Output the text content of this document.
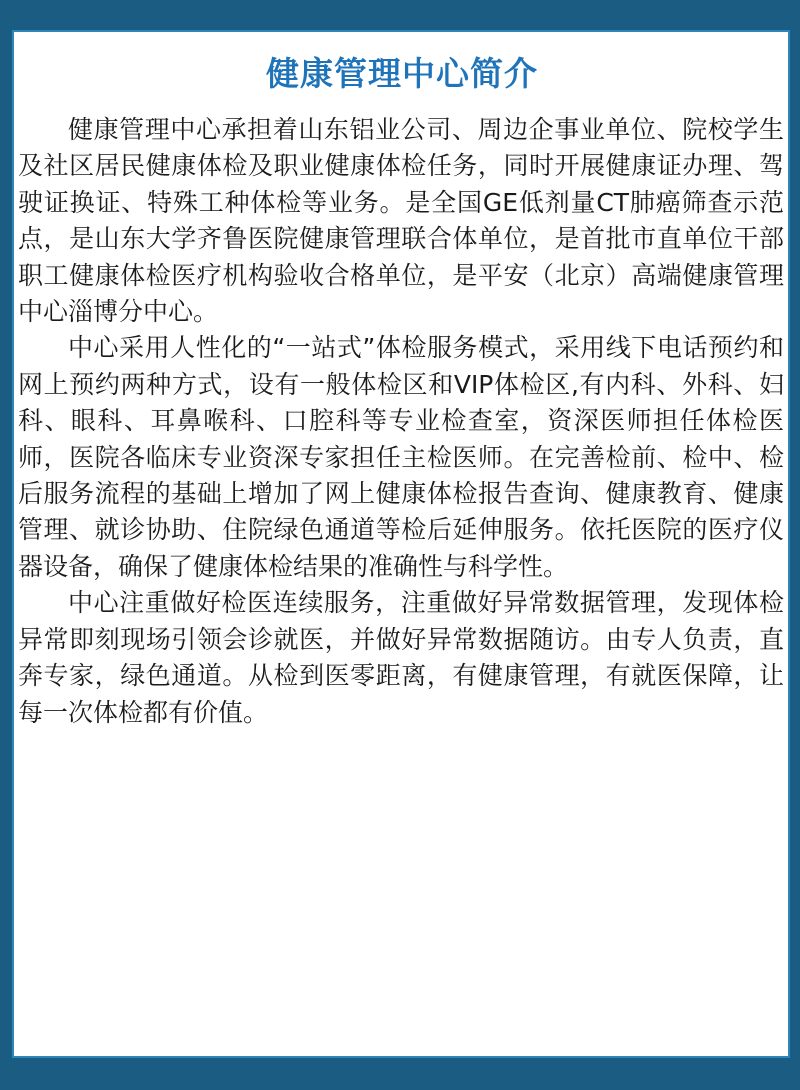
健康管理中心简介

健康管理中心承担着山东铝业公司、周边企事业单位、院校学生及社区居民健康体检及职业健康体检任务，同时开展健康证办理、驾驶证换证、特殊工种体检等业务。是全国GE低剂量CT肺癌筛查示范点，是山东大学齐鲁医院健康管理联合体单位，是首批市直单位干部职工健康体检医疗机构验收合格单位，是平安（北京）高端健康管理中心淄博分中心。

中心采用人性化的“一站式”体检服务模式，采用线下电话预约和网上预约两种方式，设有一般体检区和VIP体检区,有内科、外科、妇科、眼科、耳鼻喉科、口腔科等专业检查室，资深医师担任体检医师，医院各临床专业资深专家担任主检医师。在完善检前、检中、检后服务流程的基础上增加了网上健康体检报告查询、健康教育、健康管理、就诊协助、住院绿色通道等检后延伸服务。依托医院的医疗仪器设备，确保了健康体检结果的准确性与科学性。

中心注重做好检医连续服务，注重做好异常数据管理，发现体检异常即刻现场引领会诊就医，并做好异常数据随访。由专人负责，直奔专家，绿色通道。从检到医零距离，有健康管理，有就医保障，让每一次体检都有价值。
